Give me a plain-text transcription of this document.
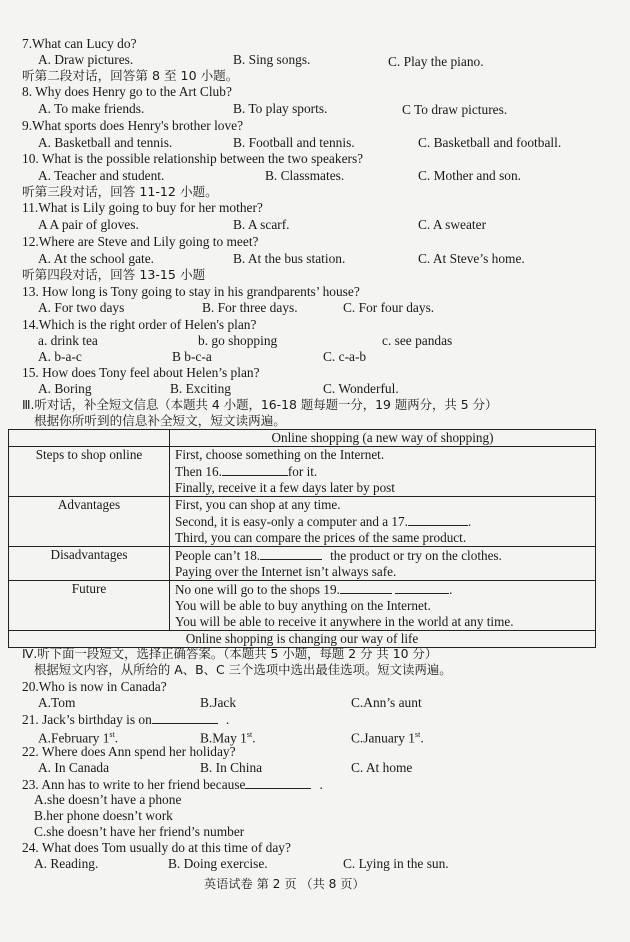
7.What can Lucy do?
A. Draw pictures.	B. Sing songs.	C. Play the piano.
听第二段对话，回答第 8 至 10 小题。
8. Why does Henry go to the Art Club?
A. To make friends.	B. To play sports.	C To draw pictures.
9.What sports does Henry's brother love?
A. Basketball and tennis.	B. Football and tennis.	C. Basketball and football.
10. What is the possible relationship between the two speakers?
A. Teacher and student.	B. Classmates.	C. Mother and son.
听第三段对话，回答 11-12 小题。
11.What is Lily going to buy for her mother?
A A pair of gloves.	B. A scarf.	C. A sweater
12.Where are Steve and Lily going to meet?
A. At the school gate.	B. At the bus station.	C. At Steve’s home.
听第四段对话，回答 13-15 小题
13. How long is Tony going to stay in his grandparents’ house?
A. For two days	B. For three days.	C. For four days.
14.Which is the right order of Helen's plan?
a. drink tea	b. go shopping	c. see pandas
A. b-a-c	B b-c-a	C. c-a-b
15. How does Tony feel about Helen’s plan?
A. Boring	B. Exciting	C. Wonderful.
Ⅲ.听对话，补全短文信息（本题共 4 小题，16-18 题每题一分，19 题两分，共 5 分）
根据你所听到的信息补全短文，短文读两遍。
	Online shopping (a new way of shopping)
Steps to shop online	First, choose something on the Internet.
Then 16. for it.
Finally, receive it a few days later by post

Advantages	First, you can shop at any time.
Second, it is easy-only a computer and a 17. .
Third, you can compare the prices of the same product.

Disadvantages	People can’t 18. the product or try on the clothes.
Paying over the Internet isn’t always safe.

Future	No one will go to the shops 19. .
You will be able to buy anything on the Internet.
You will be able to receive it anywhere in the world at any time.

Online shopping is changing our way of life	
Ⅳ.听下面一段短文，选择正确答案。（本题共 5 小题，每题 2 分 共 10 分）
根据短文内容，从所给的 A、B、C 三个选项中选出最佳选项。短文读两遍。
20.Who is now in Canada?
A.Tom	B.Jack	C.Ann’s aunt
21. Jack’s birthday is on	.
A.February 1st.	B.May 1st.	C.January 1st.
22. Where does Ann spend her holiday?
A. In Canada	B. In China	C. At home
23. Ann has to write to her friend because	.
A.she doesn’t have a phone
B.her phone doesn’t work
C.she doesn’t have her friend’s number
24. What does Tom usually do at this time of day?
A. Reading.	B. Doing exercise.	C. Lying in the sun.
英语试卷 第 2 页 （共 8 页）
